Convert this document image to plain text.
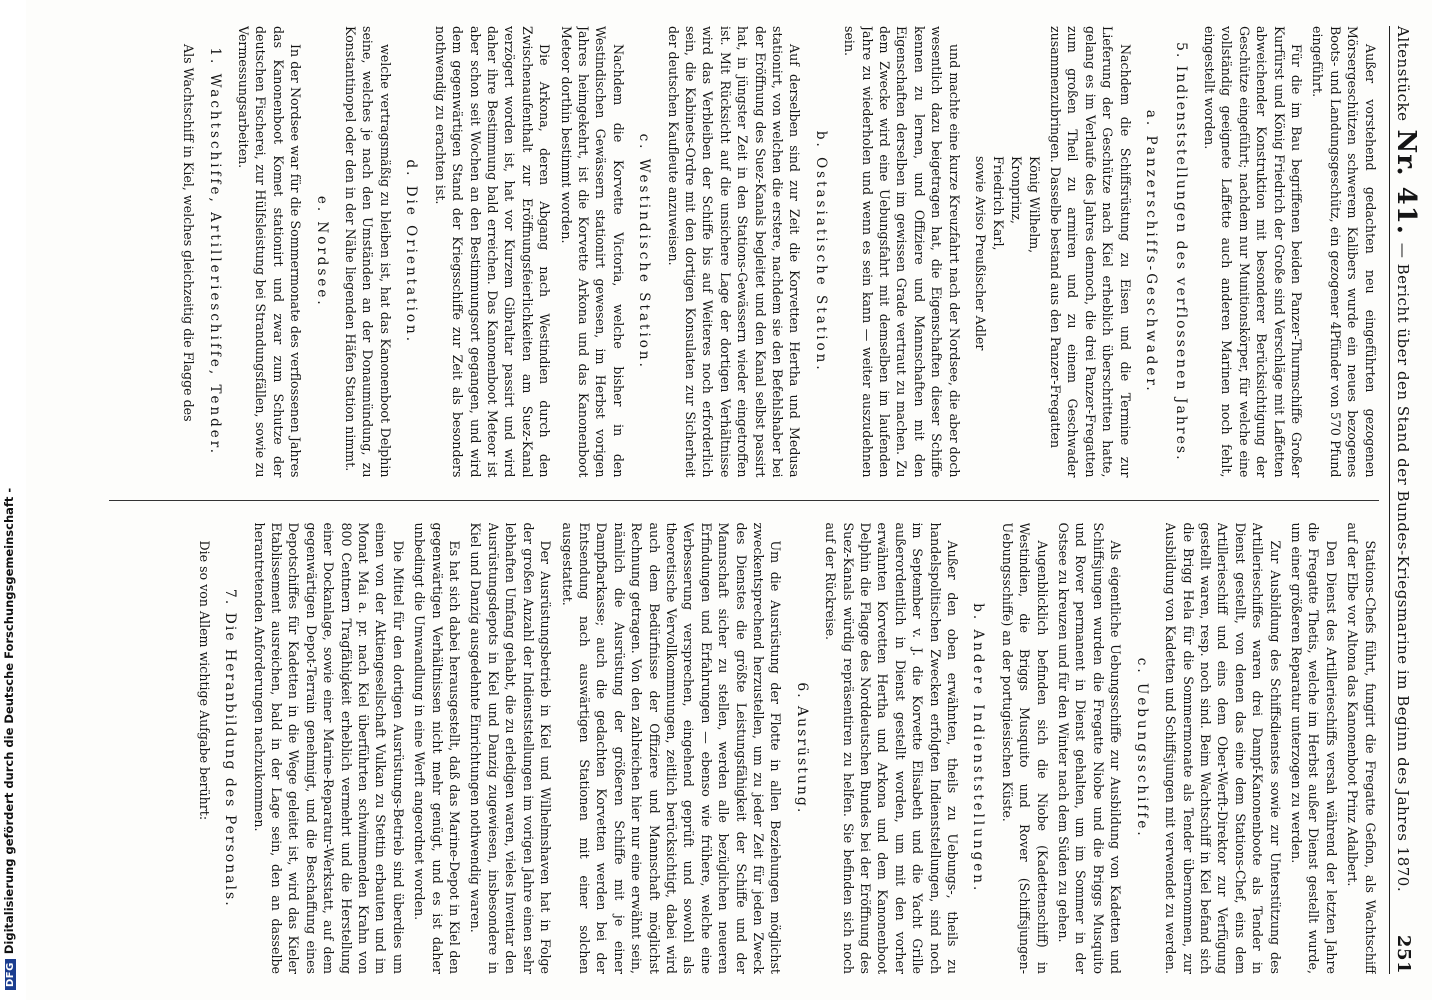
Altenstücke
Nr. 41.
— Bericht über den Stand der Bundes-Kriegsmarine im Beginn des Jahres 1870.
251

Außer vorstehend gedachten neu eingeführten gezogenen Mörsergeschützen schwerem Kalibers wurde ein neues bezogenes Boots- und Landungsgeschütz, ein gezogener 4Pfünder von 570 Pfund eingeführt.

Für die im Bau begriffenen beiden Panzer-Thurmschiffe Großer Kurfürst und König Friedrich der Große sind Verschläge mit Laffetten abweichender Konstruktion mit besonderer Berücksichtigung der Geschütze eingeführt; nachdem nur Munitionskörper, für welche eine vollständig geeignete Laffette auch anderen Marinen noch fehlt, eingestellt worden.

5. Indienststellungen des verflossenen Jahres.
a. Panzerschiffs-Geschwader.

Nachdem die Schiffsrüstung zu Eisen und die Termine zur Lieferung der Geschütze nach Kiel erheblich überschritten hatte, gelang es im Verlaufe des Jahres dennoch, die drei Panzer-Fregatten zum großen Theil zu armiren und zu einem Geschwader zusammenzubringen. Dasselbe bestand aus den Panzer-Fregatten

König Wilhelm,
Kronprinz,
Friedrich Karl,
sowie Aviso Preußischer Adler

und machte eine kurze Kreuzfahrt nach der Nordsee, die aber doch wesentlich dazu beigetragen hat, die Eigenschaften dieser Schiffe kennen zu lernen, und Offiziere und Mannschaften mit den Eigenschaften derselben im gewissen Grade vertraut zu machen. Zu dem Zwecke wird eine Uebungsfahrt mit demselben im laufenden Jahre zu wiederholen und wenn es sein kann — weiter auszudehnen sein.

b. Ostasiatische Station.

Auf derselben sind zur Zeit die Korvetten Hertha und Medusa stationirt, von welchen die erstere, nachdem sie den Befehlshaber bei der Eröffnung des Suez-Kanals begleitet und den Kanal selbst passirt hat, in jüngster Zeit in den Stations-Gewässern wieder eingetroffen ist. Mit Rücksicht auf die unsichere Lage der dortigen Verhältnisse wird das Verbleiben der Schiffe bis auf Weiteres noch erforderlich sein, die Kabinets-Ordre mit den dortigen Konsulaten zur Sicherheit der deutschen Kaufleute anzuweisen.

c. Westindische Station.

Nachdem die Korvette Victoria, welche bisher in den Westindischen Gewässern stationirt gewesen, im Herbst vorigen Jahres heimgekehrt, ist die Korvette Arkona und das Kanonenboot Meteor dorthin bestimmt worden.

Die Arkona, deren Abgang nach Westindien durch den Zwischenaufenthalt zur Eröffnungsfeierlichkeiten am Suez-Kanal verzögert worden ist, hat vor Kurzem Gibraltar passirt und wird daher ihre Bestimmung bald erreichen. Das Kanonenboot Meteor ist aber schon seit Wochen an den Bestimmungsort gegangen, und wird dem gegenwärtigen Stand der Kriegsschiffe zur Zeit als besonders nothwendig zu erachten ist.

d. Die Orientation.

welche vertragsmäßig zu bleiben ist, hat das Kanonenboot Delphin seine, welches je nach den Umständen an der Donaumündung, zu Konstantinopel oder den in der Nähe liegenden Häfen Station nimmt.

e. Nordsee.

In der Nordsee war für die Sommermonate des verflossenen Jahres das Kanonenboot Komet stationirt und zwar zum Schutze der deutschen Fischerei, zur Hülfsleistung bei Strandungsfällen, sowie zu Vermessungsarbeiten.

1. Wachtschiffe, Artillerieschiffe, Tender.

Als Wachtschiff in Kiel, welches gleichzeitig die Flagge des

Stations-Chefs führt, fungirt die Fregatte Gefion, als Wachtschiff auf der Elbe vor Altona das Kanonenboot Prinz Adalbert.

Den Dienst des Artillerieschiffs versah während der letzten Jahre die Fregatte Thetis, welche im Herbst außer Dienst gestellt wurde, um einer größeren Reparatur unterzogen zu werden.

Zur Ausbildung des Schiffsdienstes sowie zur Unterstützung des Artillerieschiffes waren drei Dampf-Kanonenboote als Tender in Dienst gestellt, von denen das eine dem Stations-Chef, eins dem Artillerieschiff und eins dem Ober-Werft-Direktor zur Verfügung gestellt waren, resp. noch sind. Beim Wachtschiff in Kiel befand sich die Brigg Hela für die Sommermonate als Tender übernommen, zur Ausbildung von Kadetten und Schiffsjungen mit verwendet zu werden.

c. Uebungsschiffe.

Als eigentliche Uebungsschiffe zur Ausbildung von Kadetten und Schiffsjungen wurden die Fregatte Niobe und die Briggs Musquito und Rover permanent in Dienst gehalten, um im Sommer in der Ostsee zu kreuzen und für den Winter nach dem Süden zu gehen.

Augenblicklich befinden sich die Niobe (Kadettenschiff) in Westindien, die Briggs Musquito und Rover (Schiffsjungen-Uebungsschiffe) an der portugiesischen Küste.

b. Andere Indienststellungen.

Außer den oben erwähnten, theils zu Uebungs-, theils zu handelspolitischen Zwecken erfolgten Indienststellungen, sind noch im September v. J. die Korvette Elisabeth und die Yacht Grille außerordentlich in Dienst gestellt worden, um mit den vorher erwähnten Korvetten Hertha und Arkona und dem Kanonenboot Delphin die Flagge des Norddeutschen Bundes bei der Eröffnung des Suez-Kanals würdig repräsentiren zu helfen. Sie befinden sich noch auf der Rückreise.

6. Ausrüstung.

Um die Ausrüstung der Flotte in allen Beziehungen möglichst zweckentsprechend herzustellen, um zu jeder Zeit für jeden Zweck des Dienstes die größte Leistungsfähigkeit der Schiffe und der Mannschaft sicher zu stellen, werden alle bezüglichen neueren Erfindungen und Erfahrungen — ebenso wie frühere, welche eine Verbesserung versprechen, eingehend geprüft und sowohl als theoretische Vervollkommnungen, zeitlich berücksichtigt, dabei wird auch dem Bedürfnisse der Offiziere und Mannschaft möglichst Rechnung getragen. Von den zahlreichen hier nur eine erwähnt sein, nämlich die Ausrüstung der größeren Schiffe mit je einer Dampfbarkasse; auch die gedachten Korvetten werden bei der Entsendung nach auswärtigen Stationen mit einer solchen ausgestattet.

Der Ausrüstungsbetrieb in Kiel und Wilhelmshaven hat in Folge der großen Anzahl der Indienststellungen im vorigen Jahre einen sehr lebhaften Umfang gehabt, die zu erledigen waren, vieles Inventar den Ausrüstungsdepots in Kiel und Danzig zugewiesen, insbesondere in Kiel und Danzig ausgedehnte Einrichtungen nothwendig waren.

Es hat sich dabei herausgestellt, daß das Marine-Depot in Kiel den gegenwärtigen Verhältnissen nicht mehr genügt, und es ist daher unbedingt die Umwandlung in eine Werft angeordnet worden.

Die Mittel für den dortigen Ausrüstungs-Betrieb sind überdies um einen von der Aktiengesellschaft Vulkan zu Stettin erbauten und im Monat Mai a. pr. nach Kiel überführten schwimmenden Krahn von 800 Centnern Tragfähigkeit erheblich vermehrt und die Herstellung einer Dockanlage, sowie einer Marine-Reparatur-Werkstatt, auf dem gegenwärtigen Depot-Terrain genehmigt, und die Beschaffung eines Depotschiffes für Kadetten in die Wege geleitet ist, wird das Kieler Etablissement ausreichen, bald in der Lage sein, den an dasselbe herantretenden Anforderungen nachzukommen.

7. Die Heranbildung des Personals.

Die so von Allem wichtige Aufgabe berührt:

DFGDigitalisierung gefördert durch die Deutsche Forschungsgemeinschaft -
